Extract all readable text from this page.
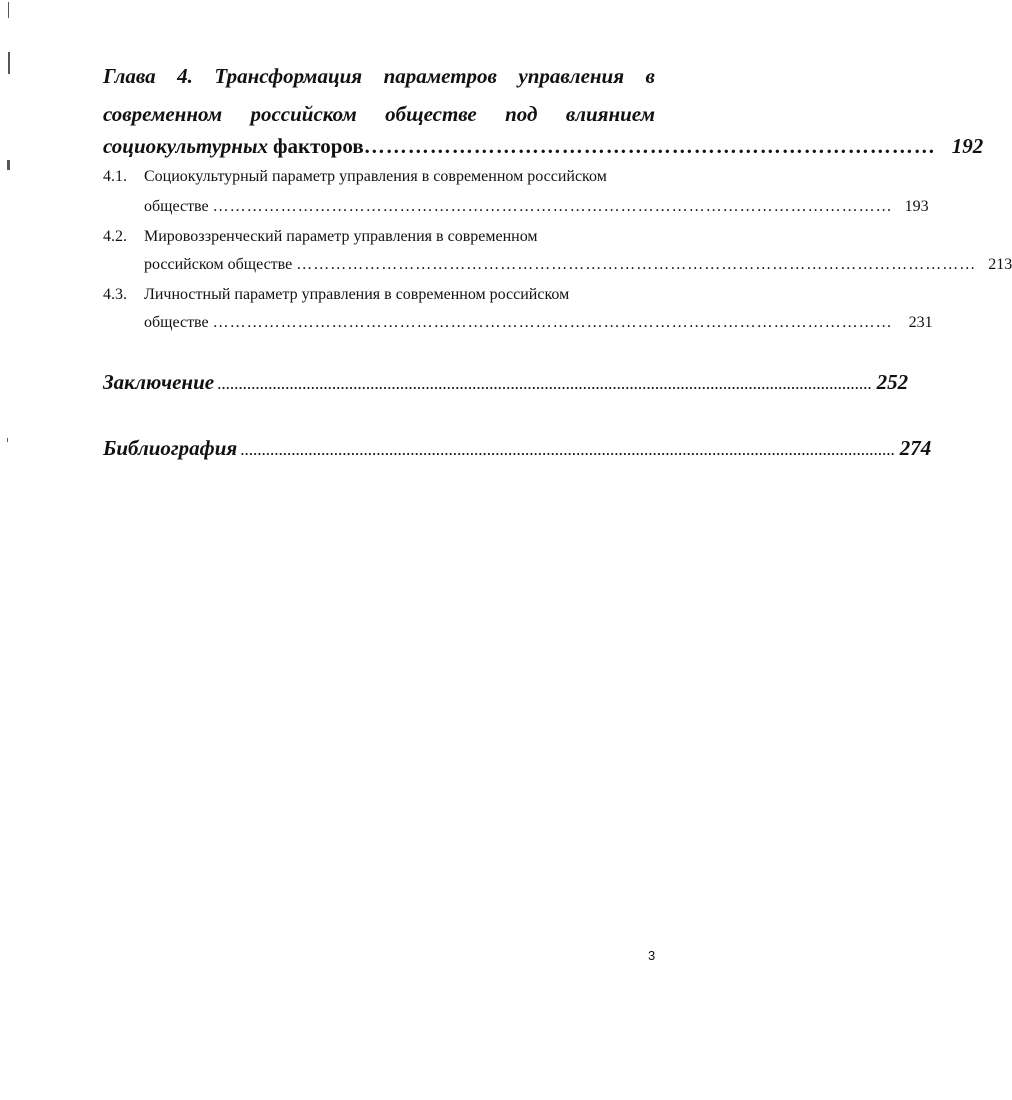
Глава 4. Трансформация параметров управления в
современном российском обществе под влиянием
социокультурных факторов …………………………………………………………………… 192
4.1. Социокультурный параметр управления в современном российском
обществе ………………………………………………………………………………………………………… 193
4.2. Мировоззренческий параметр управления в современном
российском обществе ………………………………………………………………………………………………………… 213
4.3. Личностный параметр управления в современном российском
обществе ………………………………………………………………………………………………………… 231
Заключение .......................................................................................................................................................... 252
Библиография .......................................................................................................................................................... 274
3
